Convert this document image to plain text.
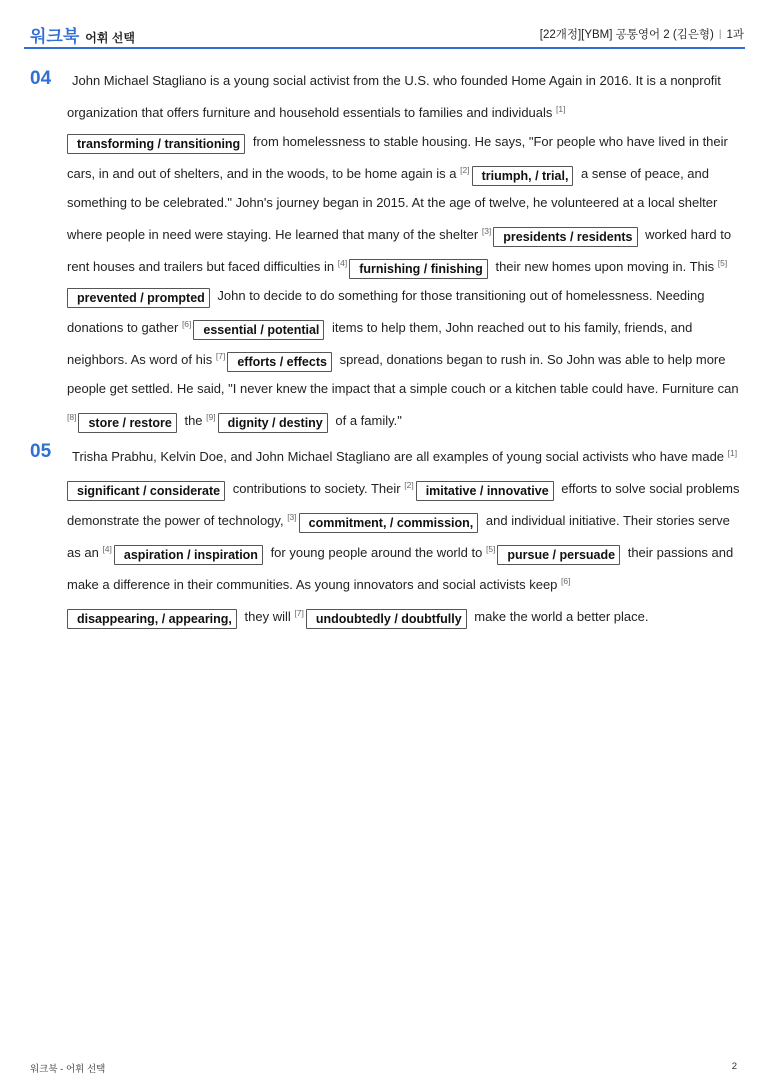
워크북 어휘 선택	[22개정][YBM] 공통영어 2 (김은형) | 1과
04	John Michael Stagliano is a young social activist from the U.S. who founded Home Again in 2016. It is a nonprofit organization that offers furniture and household essentials to families and individuals [1]transforming / transitioning from homelessness to stable housing. He says, "For people who have lived in their cars, in and out of shelters, and in the woods, to be home again is a [2] triumph, / trial, a sense of peace, and something to be celebrated." John's journey began in 2015. At the age of twelve, he volunteered at a local shelter where people in need were staying. He learned that many of the shelter [3] presidents / residents worked hard to rent houses and trailers but faced difficulties in [4] furnishing / finishing their new homes upon moving in. This [5]prevented / prompted John to decide to do something for those transitioning out of homelessness. Needing donations to gather [6] essential / potential items to help them, John reached out to his family, friends, and neighbors. As word of his [7] efforts / effects spread, donations began to rush in. So John was able to help more people get settled. He said, "I never knew the impact that a simple couch or a kitchen table could have. Furniture can [8] store / restore the [9] dignity / destiny of a family."
05	Trisha Prabhu, Kelvin Doe, and John Michael Stagliano are all examples of young social activists who have made [1]significant / considerate contributions to society. Their [2] imitative / innovative efforts to solve social problems demonstrate the power of technology, [3] commitment, / commission, and individual initiative. Their stories serve as an [4] aspiration / inspiration for young people around the world to [5] pursue / persuade their passions and make a difference in their communities. As young innovators and social activists keep [6]disappearing, / appearing, they will [7] undoubtedly / doubtfully make the world a better place.
워크북 - 어휘 선택	2
